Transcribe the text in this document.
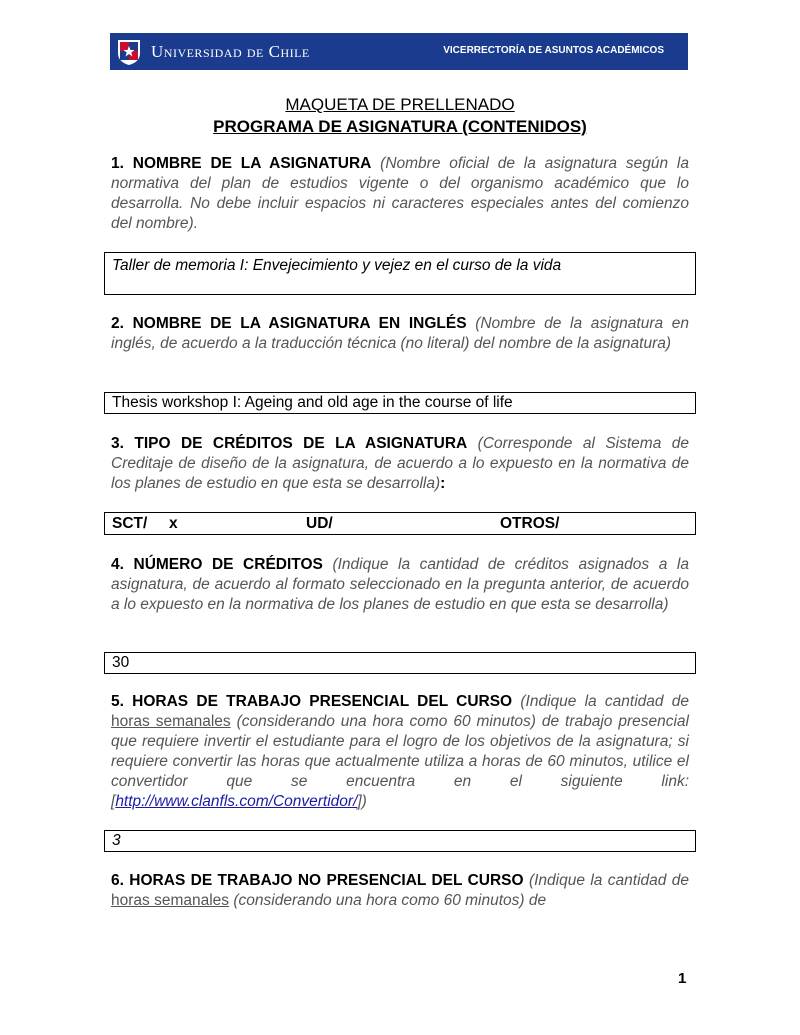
Universidad de Chile	VICERRECTORÍA DE ASUNTOS ACADÉMICOS
MAQUETA DE PRELLENADO
PROGRAMA DE ASIGNATURA (CONTENIDOS)
1. NOMBRE DE LA ASIGNATURA (Nombre oficial de la asignatura según la normativa del plan de estudios vigente o del organismo académico que lo desarrolla. No debe incluir espacios ni caracteres especiales antes del comienzo del nombre).
Taller de memoria I: Envejecimiento y vejez en el curso de la vida
2. NOMBRE DE LA ASIGNATURA EN INGLÉS (Nombre de la asignatura en inglés, de acuerdo a la traducción técnica (no literal) del nombre de la asignatura)
Thesis workshop I: Ageing and old age in the course of life
3. TIPO DE CRÉDITOS DE LA ASIGNATURA (Corresponde al Sistema de Creditaje de diseño de la asignatura, de acuerdo a lo expuesto en la normativa de los planes de estudio en que esta se desarrolla):
SCT/ x	UD/	OTROS/
4. NÚMERO DE CRÉDITOS (Indique la cantidad de créditos asignados a la asignatura, de acuerdo al formato seleccionado en la pregunta anterior, de acuerdo a lo expuesto en la normativa de los planes de estudio en que esta se desarrolla)
30
5. HORAS DE TRABAJO PRESENCIAL DEL CURSO (Indique la cantidad de horas semanales (considerando una hora como 60 minutos) de trabajo presencial que requiere invertir el estudiante para el logro de los objetivos de la asignatura; si requiere convertir las horas que actualmente utiliza a horas de 60 minutos, utilice el convertidor que se encuentra en el siguiente link: [http://www.clanfls.com/Convertidor/])
3
6. HORAS DE TRABAJO NO PRESENCIAL DEL CURSO (Indique la cantidad de horas semanales (considerando una hora como 60 minutos) de
1
